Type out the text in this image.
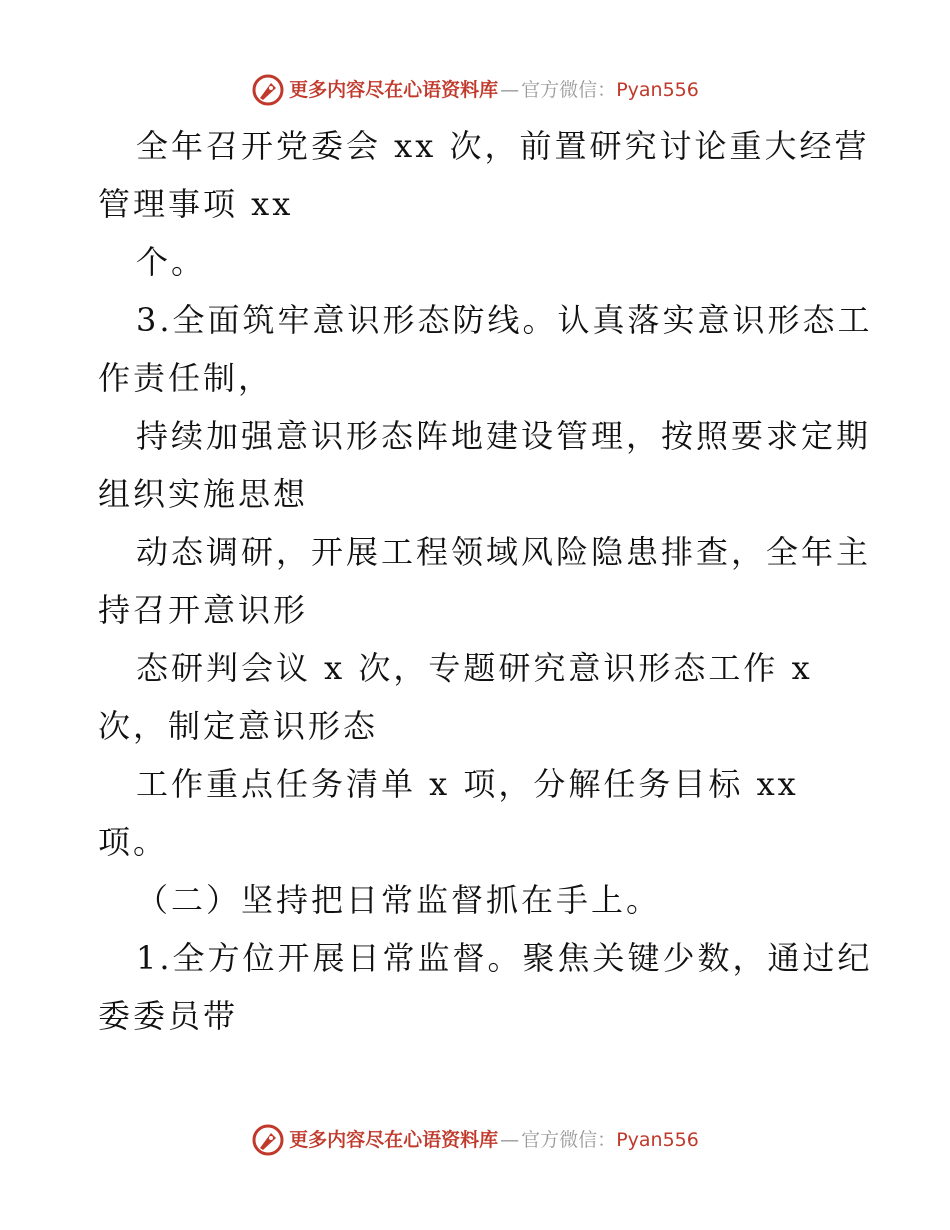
更多内容尽在心语资料库 — 官方微信： Pyan556
全年召开党委会 xx 次，前置研究讨论重大经营
管理事项 xx
个。
3.全面筑牢意识形态防线。认真落实意识形态工
作责任制，
持续加强意识形态阵地建设管理，按照要求定期
组织实施思想
动态调研，开展工程领域风险隐患排查，全年主
持召开意识形
态研判会议 x 次，专题研究意识形态工作 x
次，制定意识形态
工作重点任务清单 x 项，分解任务目标 xx
项。
（二）坚持把日常监督抓在手上。
1.全方位开展日常监督。聚焦关键少数，通过纪
委委员带
更多内容尽在心语资料库 — 官方微信： Pyan556
